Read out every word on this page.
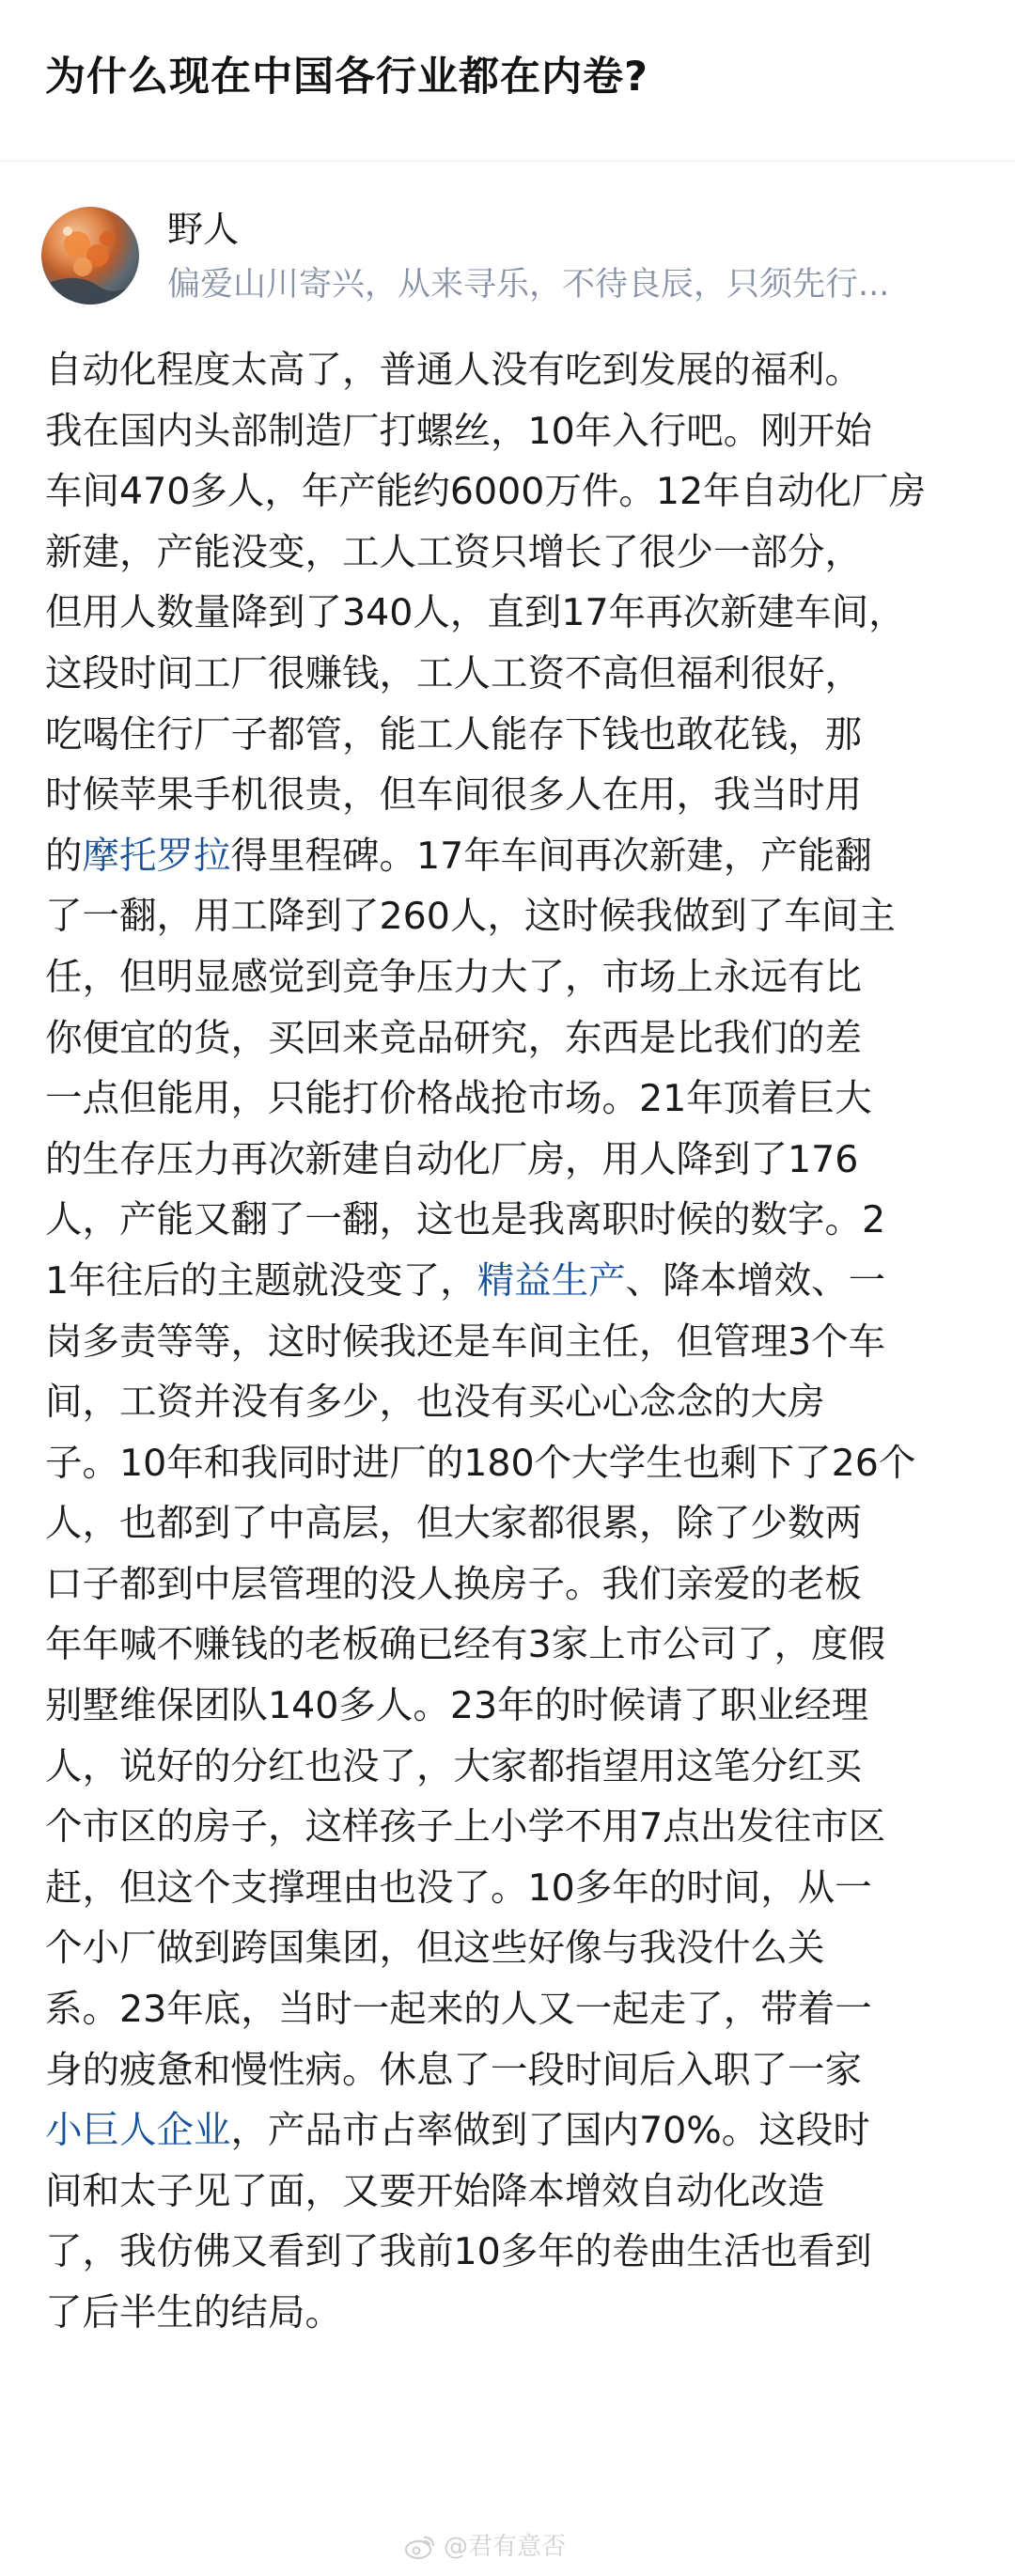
为什么现在中国各行业都在内卷?
野人
偏爱山川寄兴，从来寻乐，不待良辰，只须先行...
自动化程度太高了，普通人没有吃到发展的福利。
我在国内头部制造厂打螺丝，10年入行吧。刚开始
车间470多人，年产能约6000万件。12年自动化厂房
新建，产能没变，工人工资只增长了很少一部分，
但用人数量降到了340人，直到17年再次新建车间，
这段时间工厂很赚钱，工人工资不高但福利很好，
吃喝住行厂子都管，能工人能存下钱也敢花钱，那
时候苹果手机很贵，但车间很多人在用，我当时用
的摩托罗拉得里程碑。17年车间再次新建，产能翻
了一翻，用工降到了260人，这时候我做到了车间主
任，但明显感觉到竞争压力大了，市场上永远有比
你便宜的货，买回来竞品研究，东西是比我们的差
一点但能用，只能打价格战抢市场。21年顶着巨大
的生存压力再次新建自动化厂房，用人降到了176
人，产能又翻了一翻，这也是我离职时候的数字。2
1年往后的主题就没变了，精益生产、降本增效、一
岗多责等等，这时候我还是车间主任，但管理3个车
间，工资并没有多少，也没有买心心念念的大房
子。10年和我同时进厂的180个大学生也剩下了26个
人，也都到了中高层，但大家都很累，除了少数两
口子都到中层管理的没人换房子。我们亲爱的老板
年年喊不赚钱的老板确已经有3家上市公司了，度假
别墅维保团队140多人。23年的时候请了职业经理
人，说好的分红也没了，大家都指望用这笔分红买
个市区的房子，这样孩子上小学不用7点出发往市区
赶，但这个支撑理由也没了。10多年的时间，从一
个小厂做到跨国集团，但这些好像与我没什么关
系。23年底，当时一起来的人又一起走了，带着一
身的疲惫和慢性病。休息了一段时间后入职了一家
小巨人企业，产品市占率做到了国内70%。这段时
间和太子见了面，又要开始降本增效自动化改造
了，我仿佛又看到了我前10多年的卷曲生活也看到
了后半生的结局。
@君有意否
